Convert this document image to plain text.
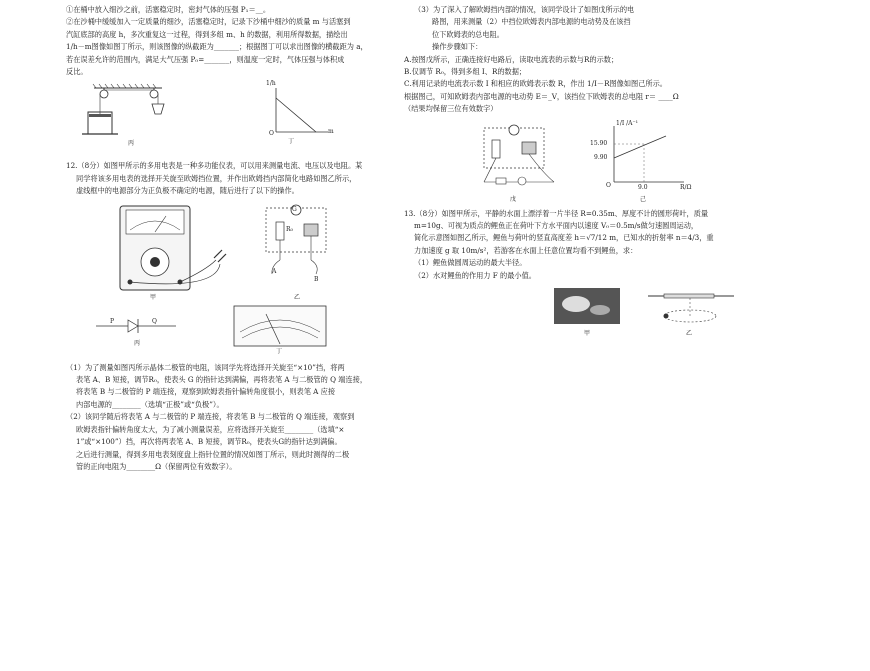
①在桶中放入细沙之前，活塞稳定时，密封气体的压强 P₁＝__。

②在沙桶中缓缓加入一定质量的细沙，活塞稳定时，记录下沙桶中细沙的质量 m 与活塞到

汽缸底部的高度 h，多次重复这一过程，得到多组 m、h 的数据，利用所得数据，描绘出

1/h－m图像如图丁所示，则该图像的纵截距为_______；根据图丁可以求出图像的横截距为 a，

若在误差允许的范围内，满足大气压强 P₀=_______，则温度一定时，气体压强与体积成

反比。

丙	丁
1/h
m
O

12.（8分）如图甲所示的多用电表是一种多功能仪表，可以用来测量电流、电压以及电阻。某

同学将该多用电表的选择开关旋至欧姆挡位置，并作出欧姆挡内部简化电路如图乙所示，

虚线框中的电源部分为正负极不确定的电源，随后进行了以下的操作。

甲	乙
G
R₀
A
B
P	Q
丙
丁

（1）为了测量如图丙所示晶体二极管的电阻，该同学先将选择开关旋至“×10”挡，将两

表笔 A、B 短接，调节R₀，使表头 G 的指针达到满偏，再将表笔 A 与二极管的 Q 端连接，

将表笔 B 与二极管的 P 端连接，观察到欧姆表指针偏转角度很小，则表笔 A 应接

内部电源的________（选填“正极”或“负极”）。

（2）该同学随后将表笔 A 与二极管的 P 端连接，将表笔 B 与二极管的 Q 端连接，观察到

欧姆表指针偏转角度太大，为了减小测量误差，应将选择开关旋至________（选填“×

1”或“×100”）挡，再次将两表笔 A、B 短接，调节R₀，使表头G的指针达到满偏。

之后进行测量，得到多用电表刻度盘上指针位置的情况如图丁所示，则此时测得的二极

管的正向电阻为________Ω（保留两位有效数字）。

（3）为了深入了解欧姆挡内部的情况，该同学设计了如图戊所示的电

路图，用来测量（2）中挡位欧姆表内部电源的电动势及在该挡

位下欧姆表的总电阻。

操作步骤如下：

A.按图戊所示，正确连接好电路后，读取电流表的示数与R的示数；

B.仅调节 R₀，得到多组 I、R的数据；

C.利用记录的电流表示数 I 和相应的欧姆表示数 R，作出 1/I－R图像如图己所示。

根据图己，可知欧姆表内部电源的电动势 E＝_V，该挡位下欧姆表的总电阻 r＝ ____Ω

（结果均保留三位有效数字）

戊	己
1/I /A⁻¹
15.90
9.90
9.0	R/Ω
O

13.（8分）如图甲所示，平静的水面上漂浮着一片半径 R=0.35m、厚度不计的圆形荷叶，质量

m=10g、可视为质点的鲤鱼正在荷叶下方水平面内以速度 V₀＝0.5m/s做匀速圆周运动，

简化示意图如图乙所示，鲤鱼与荷叶的竖直高度差 h＝√7/12 m，已知水的折射率 n＝4/3，重

力加速度 g 取 10m/s²，若游客在水面上任意位置均看不到鲤鱼，求：

（1）鲤鱼做圆周运动的最大半径。

（2）水对鲤鱼的作用力 F 的最小值。

甲	乙
